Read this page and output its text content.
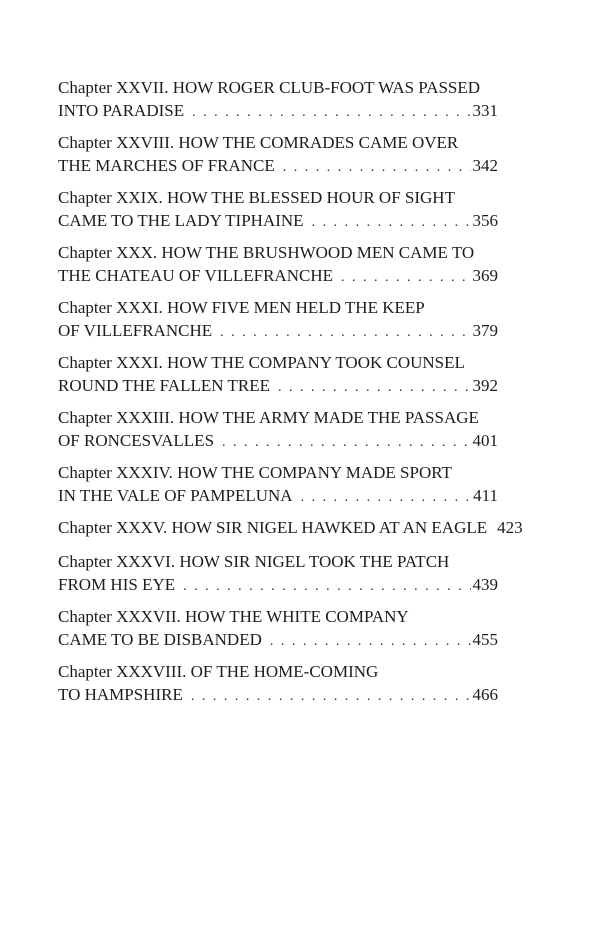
Chapter XXVII. HOW ROGER CLUB-FOOT WAS PASSED
INTO PARADISE . . .	331
Chapter XXVIII. HOW THE COMRADES CAME OVER
THE MARCHES OF FRANCE . . .	342
Chapter XXIX. HOW THE BLESSED HOUR OF SIGHT
CAME TO THE LADY TIPHAINE . . .	356
Chapter XXX. HOW THE BRUSHWOOD MEN CAME TO
THE CHATEAU OF VILLEFRANCHE . . .	369
Chapter XXXI. HOW FIVE MEN HELD THE KEEP
OF VILLEFRANCHE . . .	379
Chapter XXXI. HOW THE COMPANY TOOK COUNSEL
ROUND THE FALLEN TREE . . .	392
Chapter XXXIII. HOW THE ARMY MADE THE PASSAGE
OF RONCESVALLES . . .	401
Chapter XXXIV. HOW THE COMPANY MADE SPORT
IN THE VALE OF PAMPELUNA . . .	411
Chapter XXXV. HOW SIR NIGEL HAWKED AT AN EAGLE 423
Chapter XXXVI. HOW SIR NIGEL TOOK THE PATCH
FROM HIS EYE . . .	439
Chapter XXXVII. HOW THE WHITE COMPANY
CAME TO BE DISBANDED . . .	455
Chapter XXXVIII. OF THE HOME-COMING
TO HAMPSHIRE . . .	466
